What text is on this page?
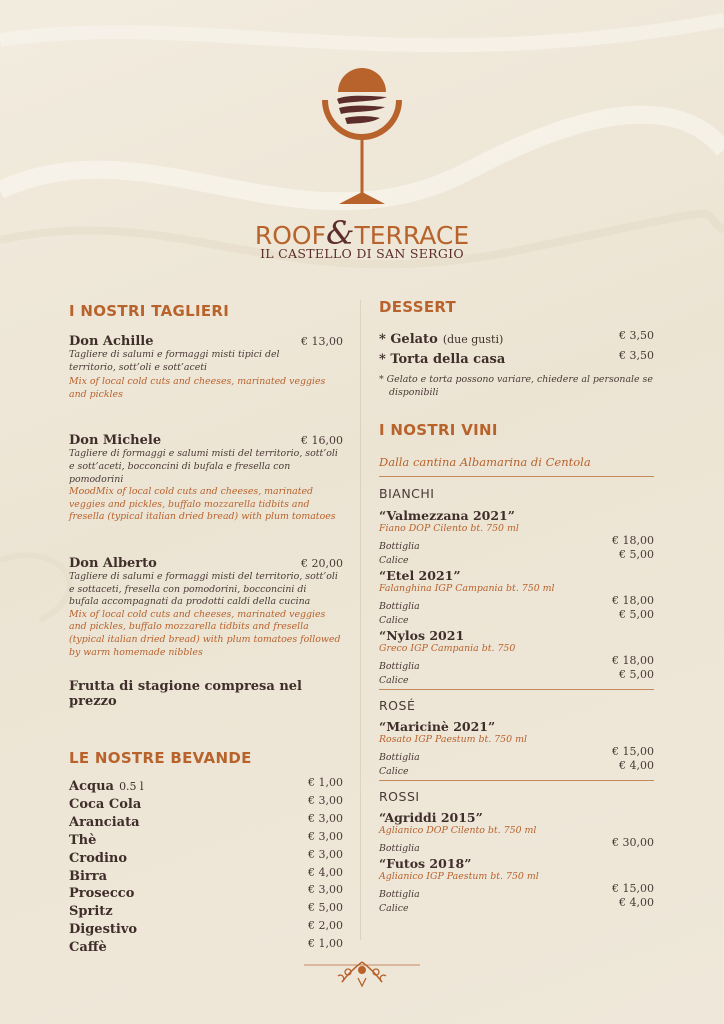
ROOF&TERRACE
IL CASTELLO DI SAN SERGIO
I NOSTRI TAGLIERI
Don Achille	€ 13,00
Tagliere di salumi e formaggi misti tipici del territorio, sott’oli e sott’aceti
Mix of local cold cuts and cheeses, marinated veggies and pickles
Don Michele	€ 16,00
Tagliere di formaggi e salumi misti del territorio, sott’oli e sott’aceti, bocconcini di bufala e fresella con pomodorini
MoodMix of local cold cuts and cheeses, marinated veggies and pickles, buffalo mozzarella tidbits and fresella (typical italian dried bread) with plum tomatoes
Don Alberto	€ 20,00
Tagliere di salumi e formaggi misti del territorio, sott’oli e sottaceti, fresella con pomodorini, bocconcini di bufala accompagnati da prodotti caldi della cucina
Mix of local cold cuts and cheeses, marinated veggies and pickles, buffalo mozzarella tidbits and fresella (typical italian dried bread) with plum tomatoes followed by warm homemade nibbles
Frutta di stagione compresa nel prezzo
LE NOSTRE BEVANDE
Acqua 0.5 l	€ 1,00
Coca Cola	€ 3,00
Aranciata	€ 3,00
Thè	€ 3,00
Crodino	€ 3,00
Birra	€ 4,00
Prosecco	€ 3,00
Spritz	€ 5,00
Digestivo	€ 2,00
Caffè	€ 1,00
DESSERT
* Gelato (due gusti)	€ 3,50
* Torta della casa	€ 3,50
* Gelato e torta possono variare, chiedere al personale se disponibili
I NOSTRI VINI
Dalla cantina Albamarina di Centola
BIANCHI
“Valmezzana 2021”
Fiano DOP Cilento bt. 750 ml
Bottiglia	€ 18,00
Calice	€ 5,00
“Etel 2021”
Falanghina IGP Campania bt. 750 ml
Bottiglia	€ 18,00
Calice	€ 5,00
“Nylos 2021
Greco IGP Campania bt. 750
Bottiglia	€ 18,00
Calice	€ 5,00
ROSÉ
“Maricinè 2021”
Rosato IGP Paestum bt. 750 ml
Bottiglia	€ 15,00
Calice	€ 4,00
ROSSI
“Agriddi 2015”
Aglianico DOP Cilento bt. 750 ml
Bottiglia	€ 30,00
“Futos 2018”
Aglianico IGP Paestum bt. 750 ml
Bottiglia	€ 15,00
Calice	€ 4,00
